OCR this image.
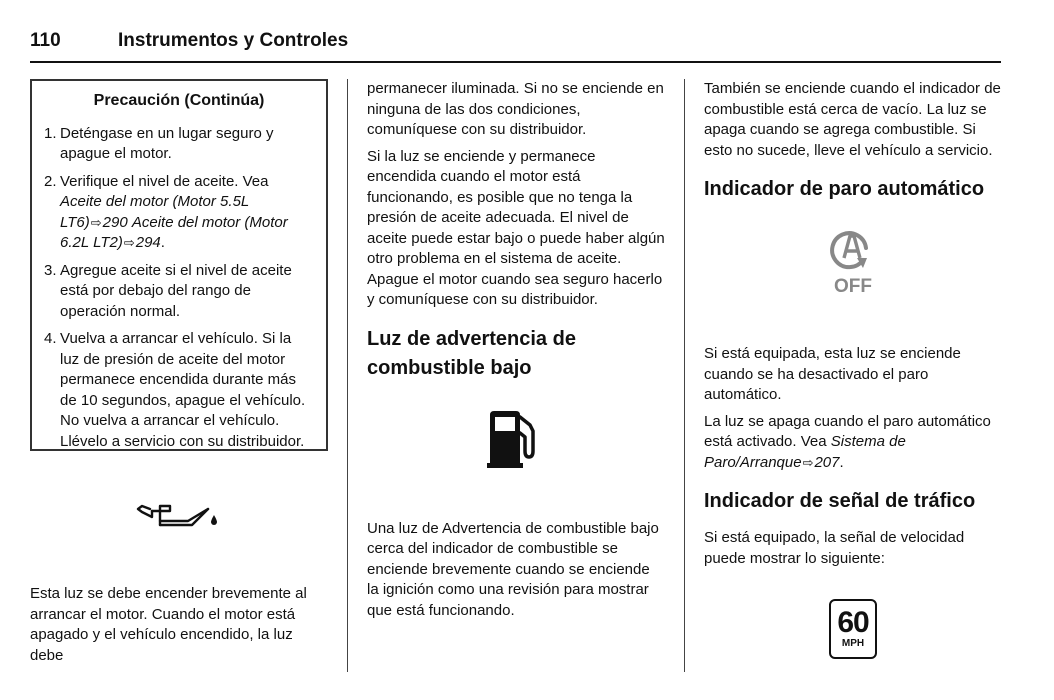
110	Instrumentos y Controles
Precaución (Continúa)
1. Deténgase en un lugar seguro y apague el motor.
2. Verifique el nivel de aceite. Vea Aceite del motor (Motor 5.5L LT6)⇨290 Aceite del motor (Motor 6.2L LT2)⇨294.
3. Agregue aceite si el nivel de aceite está por debajo del rango de operación normal.
4. Vuelva a arrancar el vehículo. Si la luz de presión de aceite del motor permanece encendida durante más de 10 segundos, apague el vehículo. No vuelva a arrancar el vehículo. Llévelo a servicio con su distribuidor.

Esta luz se debe encender brevemente al arrancar el motor. Cuando el motor está apagado y el vehículo encendido, la luz debe

permanecer iluminada. Si no se enciende en ninguna de las dos condiciones, comuníquese con su distribuidor.

Si la luz se enciende y permanece encendida cuando el motor está funcionando, es posible que no tenga la presión de aceite adecuada. El nivel de aceite puede estar bajo o puede haber algún otro problema en el sistema de aceite. Apague el motor cuando sea seguro hacerlo y comuníquese con su distribuidor.

Luz de advertencia de combustible bajo

Una luz de Advertencia de combustible bajo cerca del indicador de combustible se enciende brevemente cuando se enciende la ignición como una revisión para mostrar que está funcionando.

También se enciende cuando el indicador de combustible está cerca de vacío. La luz se apaga cuando se agrega combustible. Si esto no sucede, lleve el vehículo a servicio.

Indicador de paro automático
OFF

Si está equipada, esta luz se enciende cuando se ha desactivado el paro automático.

La luz se apaga cuando el paro automático está activado. Vea Sistema de Paro/Arranque⇨207.

Indicador de señal de tráfico

Si está equipado, la señal de velocidad puede mostrar lo siguiente:

60
MPH
